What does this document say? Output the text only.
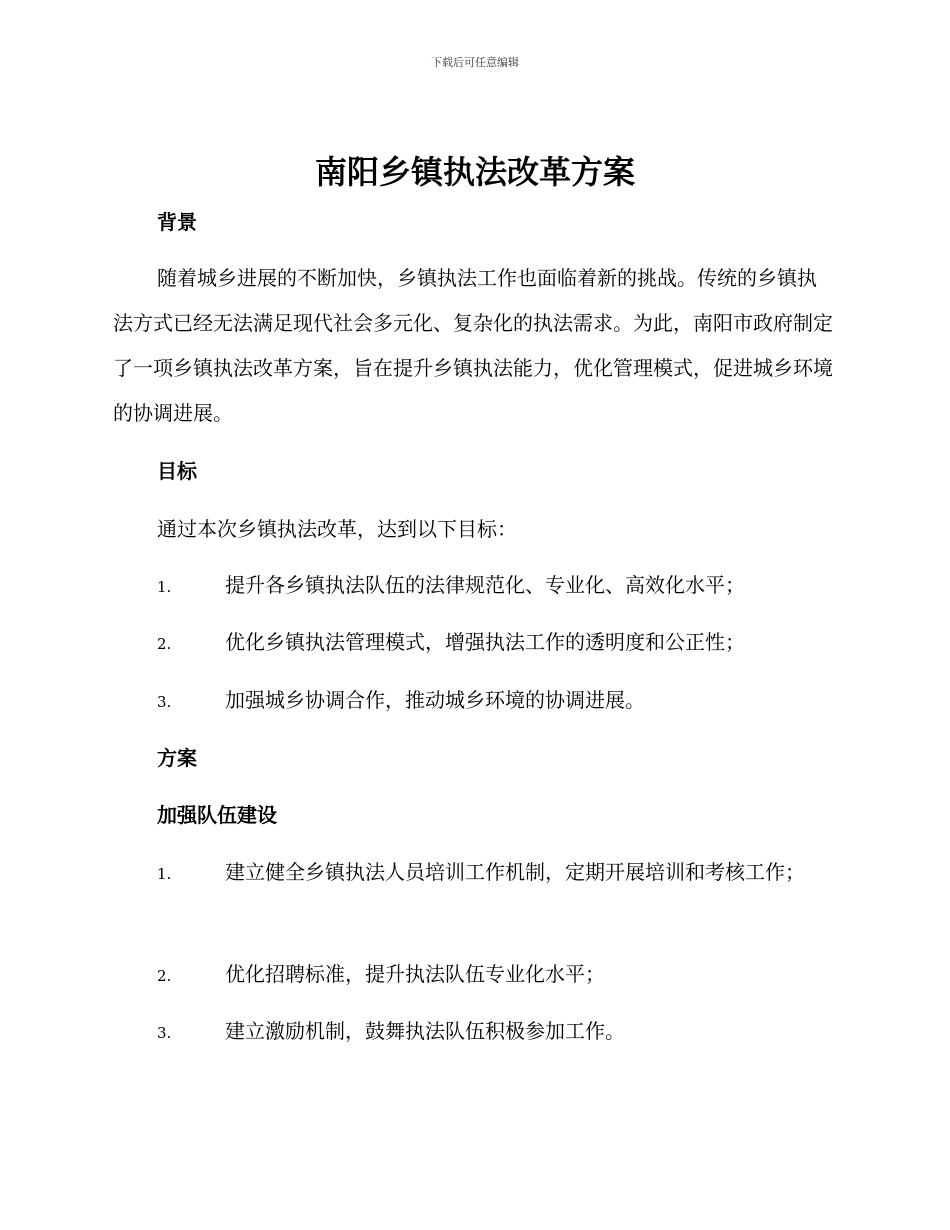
下载后可任意编辑
南阳乡镇执法改革方案
背景
随着城乡进展的不断加快，乡镇执法工作也面临着新的挑战。传统的乡镇执法方式已经无法满足现代社会多元化、复杂化的执法需求。为此，南阳市政府制定了一项乡镇执法改革方案，旨在提升乡镇执法能力，优化管理模式，促进城乡环境的协调进展。
目标
通过本次乡镇执法改革，达到以下目标：
1.	提升各乡镇执法队伍的法律规范化、专业化、高效化水平；
2.	优化乡镇执法管理模式，增强执法工作的透明度和公正性；
3.	加强城乡协调合作，推动城乡环境的协调进展。
方案
加强队伍建设
1.	建立健全乡镇执法人员培训工作机制，定期开展培训和考核工作；
2.	优化招聘标准，提升执法队伍专业化水平；
3.	建立激励机制，鼓舞执法队伍积极参加工作。
